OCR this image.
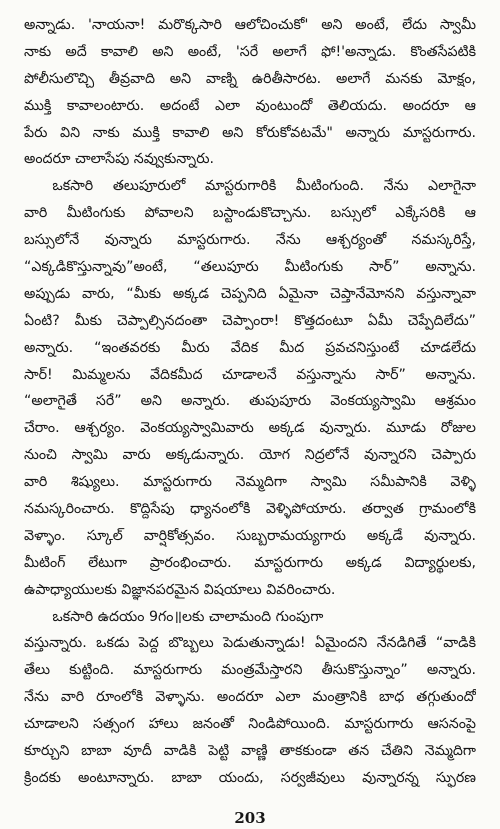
అన్నాడు. 'నాయనా! మరొక్కసారి ఆలోచించుకో' అని అంటే, లేదు స్వామీ
నాకు అదే కావాలి అని అంటే, 'సరే అలాగే ఫో!'అన్నాడు. కొంతసేపటికి
పోలీసులొచ్చి తీవ్రవాది అని వాణ్ని ఉరితీసారట. అలాగే మనకు మోక్షం,
ముక్తి కావాలంటారు. అదంటే ఎలా వుంటుందో తెలియదు. అందరూ ఆ
పేరు విని నాకు ముక్తి కావాలి అని కోరుకోవటమే" అన్నారు మాస్టరుగారు.
అందరూ చాలాసేపు నవ్వుకున్నారు.
ఒకసారి తలుపూరులో మాస్టరుగారికి మీటింగుంది. నేను ఎలాగైనా
వారి మీటింగుకు పోవాలని బస్టాండుకొచ్చాను. బస్సులో ఎక్కేసరికి ఆ
బస్సులోనే వున్నారు మాస్టరుగారు. నేను ఆశ్చర్యంతో నమస్కరిస్తే,
“ఎక్కడికొస్తున్నావు”అంటే, “తలుపూరు మీటింగుకు సార్” అన్నాను.
అప్పుడు వారు, “మీకు అక్కడ చెప్పనిది ఏమైనా చెప్తానేమోనని వస్తున్నావా
ఏంటి? మీకు చెప్పాల్సినదంతా చెప్పాంరా! కొత్తదంటూ ఏమీ చెప్పేదిలేదు”
అన్నారు. “ఇంతవరకు మీరు వేదిక మీద ప్రవచనిస్తుంటే చూడలేదు
సార్! మిమ్మలను వేదికమీద చూడాలనే వస్తున్నాను సార్” అన్నాను.
“అలాగైతే సరే” అని అన్నారు. తుపుపూరు వెంకయ్యస్వామి ఆశ్రమం
చేరాం. ఆశ్చర్యం. వెంకయ్యస్వామివారు అక్కడ వున్నారు. మూడు రోజుల
నుంచి స్వామి వారు అక్కడున్నారు. యోగ నిద్రలోనే వున్నారని చెప్పారు
వారి శిష్యులు. మాస్టరుగారు నెమ్మదిగా స్వామి సమీపానికి వెళ్ళి
నమస్కరించారు. కొద్దిసేపు ధ్యానంలోకి వెళ్ళిపోయారు. తర్వాత గ్రామంలోకి
వెళ్ళాం. స్కూల్ వార్షికోత్సవం. సుబ్బరామయ్యగారు అక్కడే వున్నారు.
మీటింగ్ లేటుగా ప్రారంభించారు. మాస్టరుగారు అక్కడ విద్యార్థులకు,
ఉపాధ్యాయులకు విజ్ఞానపరమైన విషయాలు వివరించారు.
ఒకసారి ఉదయం 9గం॥లకు చాలామంది గుంపుగా
వస్తున్నారు. ఒకడు పెద్ద బొబ్బలు పెడుతున్నాడు! ఏమైందని నేనడిగితే “వాడికి
తేలు కుట్టింది. మాస్టరుగారు మంత్రమేస్తారని తీసుకొస్తున్నాం” అన్నారు.
నేను వారి రూంలోకి వెళ్ళాను. అందరూ ఎలా మంత్రానికి బాధ తగ్గుతుందో
చూడాలని సత్సంగ హాలు జనంతో నిండిపోయింది. మాస్టరుగారు ఆసనంపై
కూర్చుని బాబా వూదీ వాడికి పెట్టి వాణ్ణి తాకకుండా తన చేతిని నెమ్మదిగా
క్రిందకు అంటూన్నారు. బాబా యందు, సర్వజీవులు వున్నారన్న స్ఫురణ
203
